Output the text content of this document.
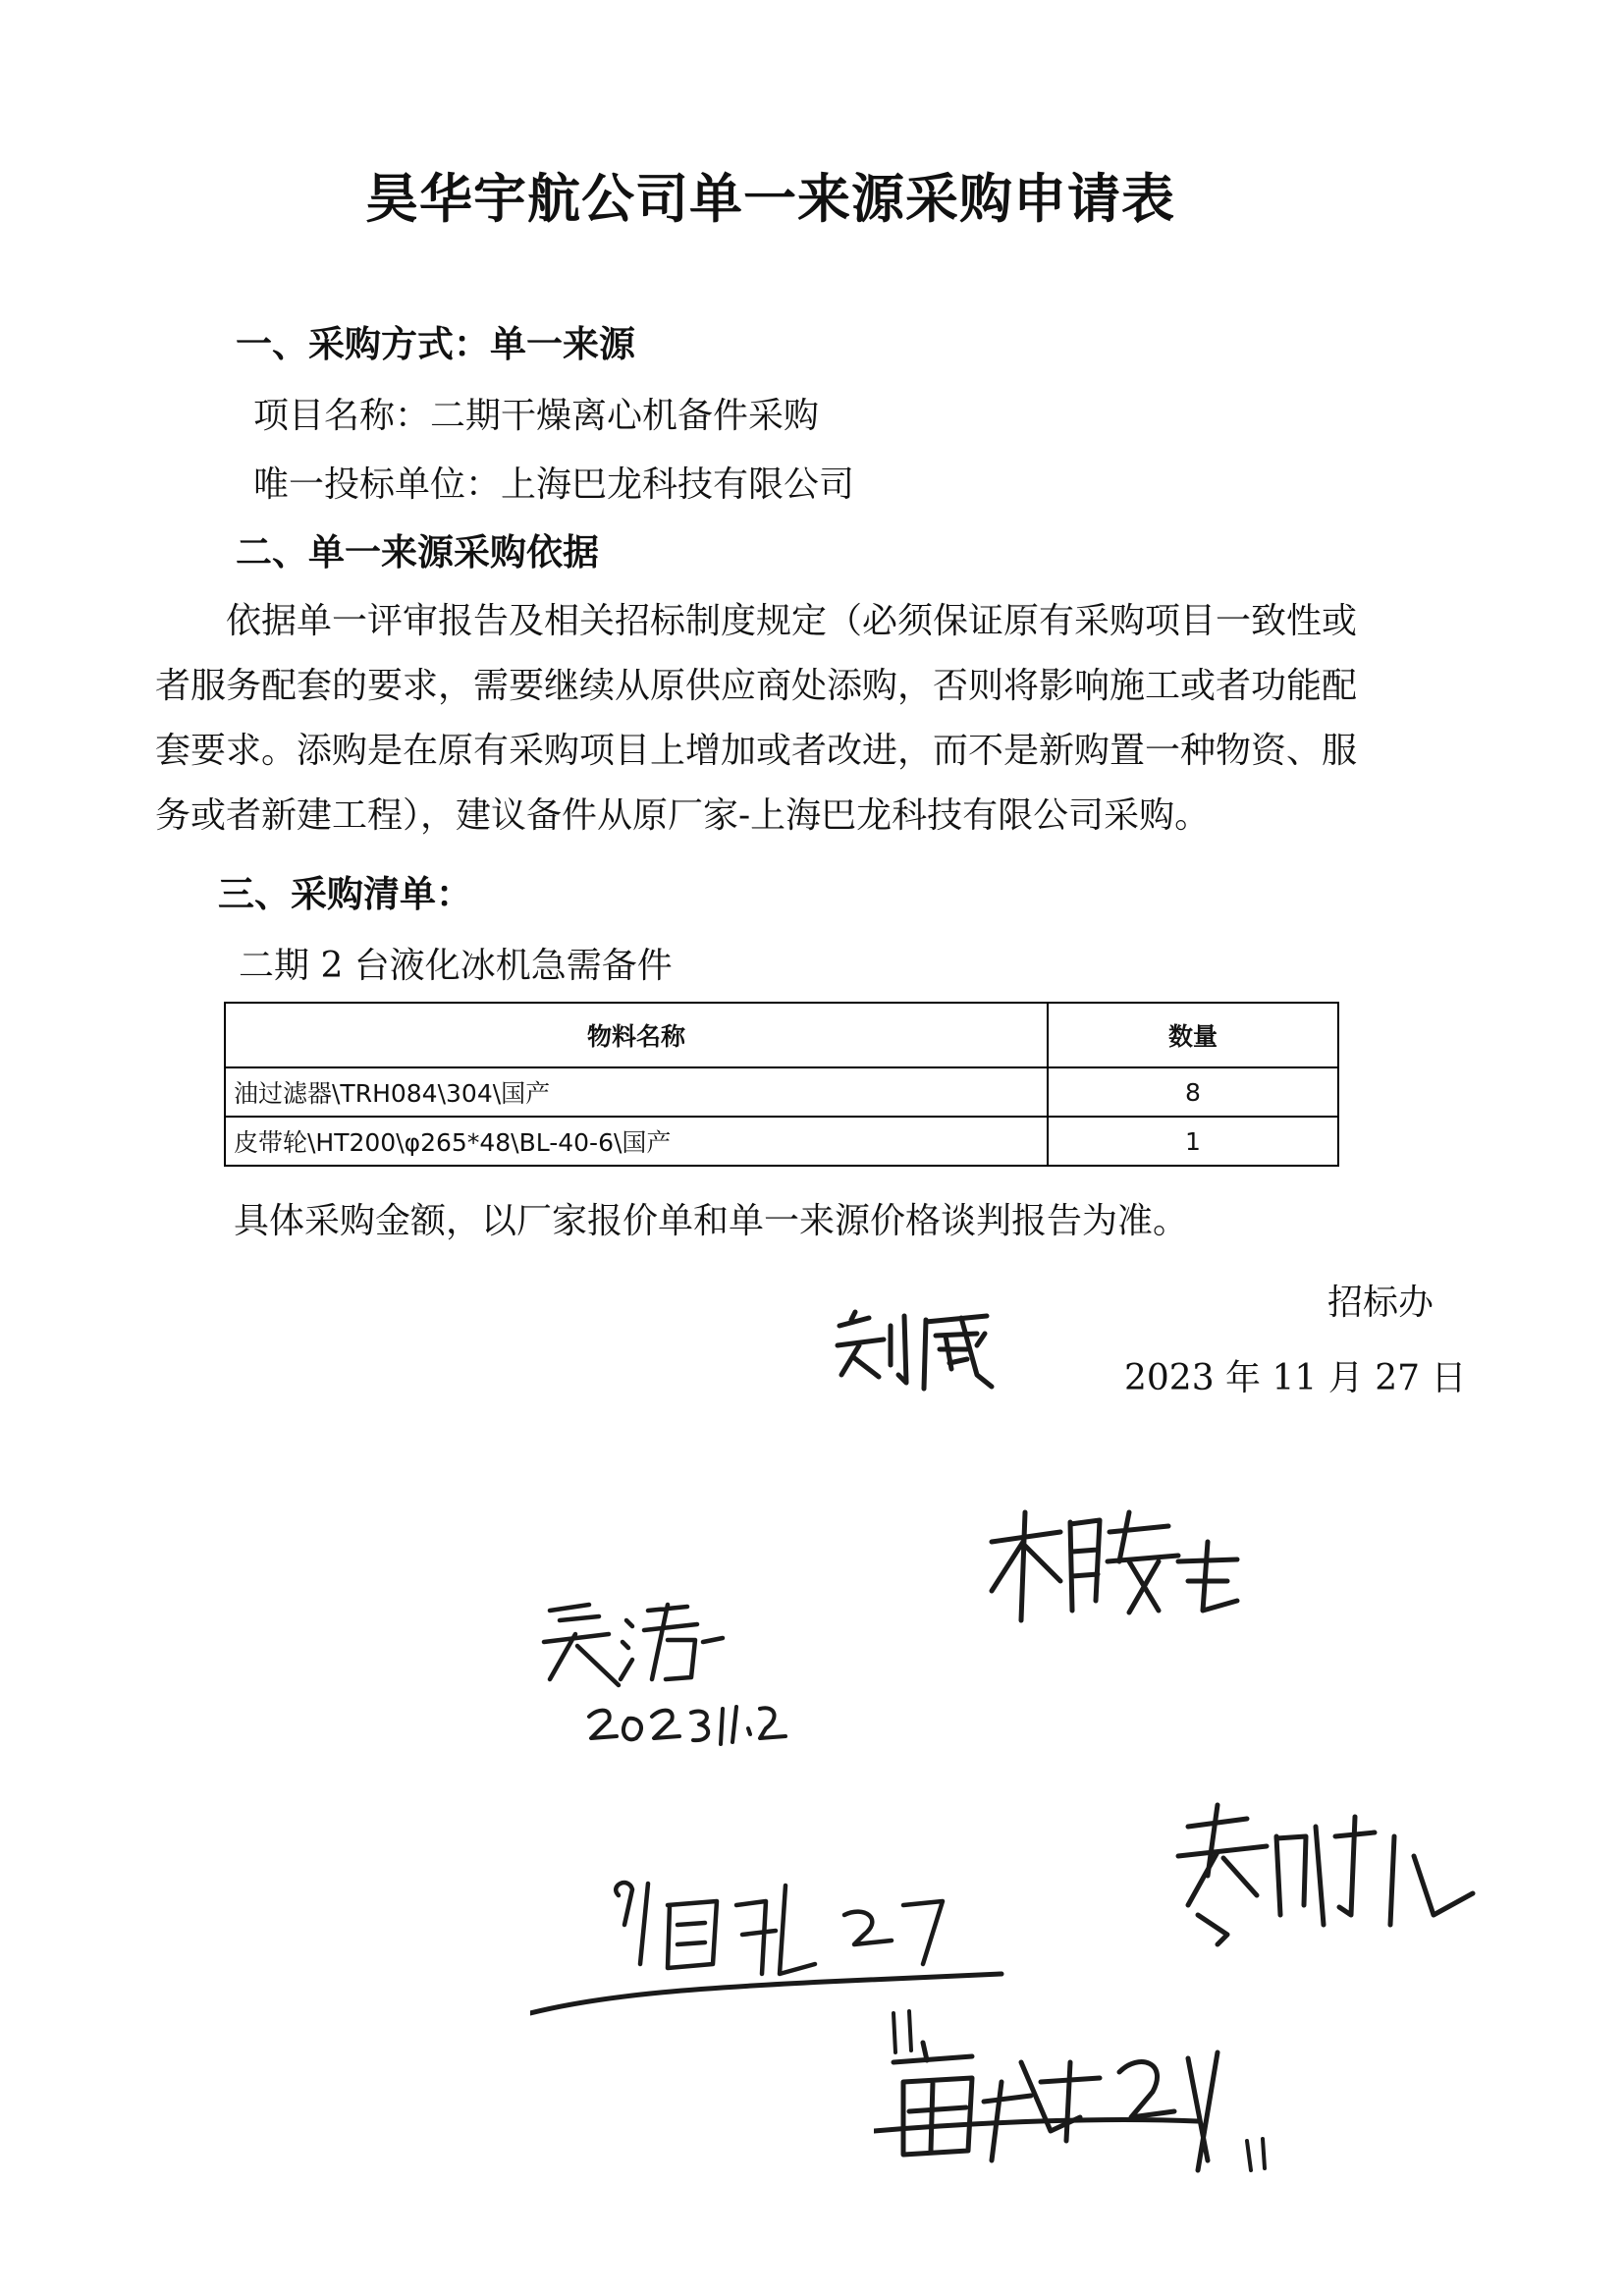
昊华宇航公司单一来源采购申请表
一、采购方式：单一来源
项目名称：二期干燥离心机备件采购
唯一投标单位：上海巴龙科技有限公司
二、单一来源采购依据

依据单一评审报告及相关招标制度规定（必须保证原有采购项目一致性或

者服务配套的要求，需要继续从原供应商处添购，否则将影响施工或者功能配

套要求。添购是在原有采购项目上增加或者改进，而不是新购置一种物资、服

务或者新建工程），建议备件从原厂家-上海巴龙科技有限公司采购。

三、采购清单：
二期 2 台液化冰机急需备件
物料名称	数量
油过滤器\TRH084\304\国产	8
皮带轮\HT200\φ265*48\BL-40-6\国产	1
具体采购金额，以厂家报价单和单一来源价格谈判报告为准。
招标办
2023 年 11 月 27 日
